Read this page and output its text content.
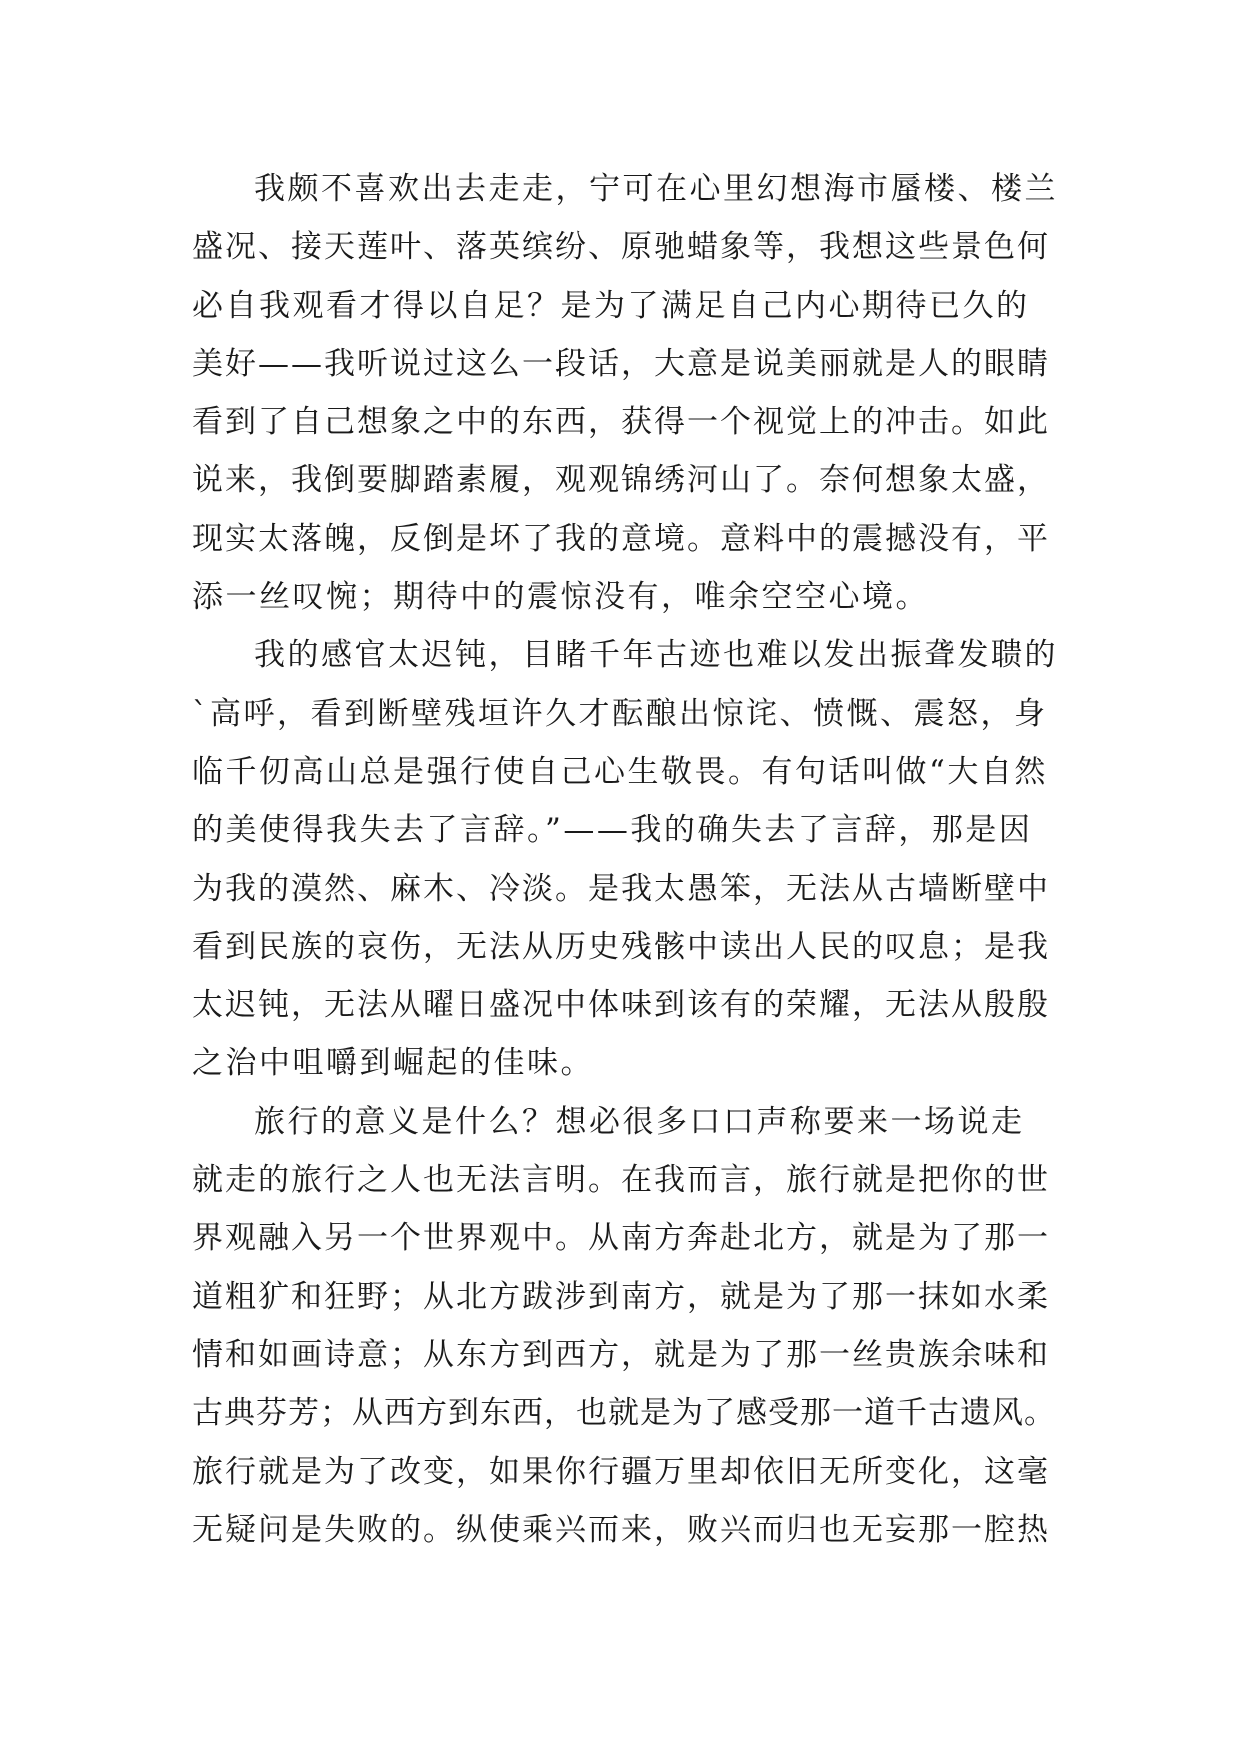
我颇不喜欢出去走走，宁可在心里幻想海市蜃楼、楼兰
盛况、接天莲叶、落英缤纷、原驰蜡象等，我想这些景色何
必自我观看才得以自足？是为了满足自己内心期待已久的
美好——我听说过这么一段话，大意是说美丽就是人的眼睛
看到了自己想象之中的东西，获得一个视觉上的冲击。如此
说来，我倒要脚踏素履，观观锦绣河山了。奈何想象太盛，
现实太落魄，反倒是坏了我的意境。意料中的震撼没有，平
添一丝叹惋；期待中的震惊没有，唯余空空心境。

我的感官太迟钝，目睹千年古迹也难以发出振聋发聩的
`高呼，看到断壁残垣许久才酝酿出惊诧、愤慨、震怒，身
临千仞高山总是强行使自己心生敬畏。有句话叫做“大自然
的美使得我失去了言辞。”——我的确失去了言辞，那是因
为我的漠然、麻木、冷淡。是我太愚笨，无法从古墙断壁中
看到民族的哀伤，无法从历史残骸中读出人民的叹息；是我
太迟钝，无法从曜日盛况中体味到该有的荣耀，无法从殷殷
之治中咀嚼到崛起的佳味。

旅行的意义是什么？想必很多口口声称要来一场说走
就走的旅行之人也无法言明。在我而言，旅行就是把你的世
界观融入另一个世界观中。从南方奔赴北方，就是为了那一
道粗犷和狂野；从北方跋涉到南方，就是为了那一抹如水柔
情和如画诗意；从东方到西方，就是为了那一丝贵族余味和
古典芬芳；从西方到东西，也就是为了感受那一道千古遗风。
旅行就是为了改变，如果你行疆万里却依旧无所变化，这毫
无疑问是失败的。纵使乘兴而来，败兴而归也无妄那一腔热
